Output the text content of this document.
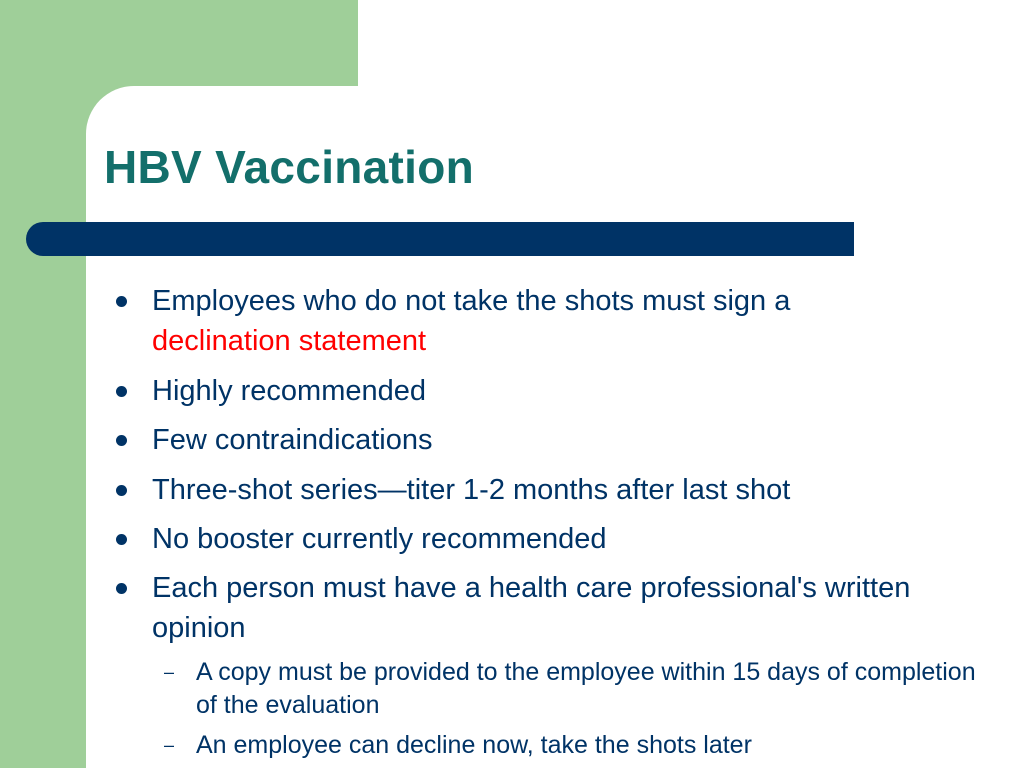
HBV Vaccination
Employees who do not take the shots must sign a
declination statement
Highly recommended
Few contraindications
Three-shot series—titer 1-2 months after last shot
No booster currently recommended
Each person must have a health care professional's written opinion
– A copy must be provided to the employee within 15 days of completion of the evaluation
– An employee can decline now, take the shots later
